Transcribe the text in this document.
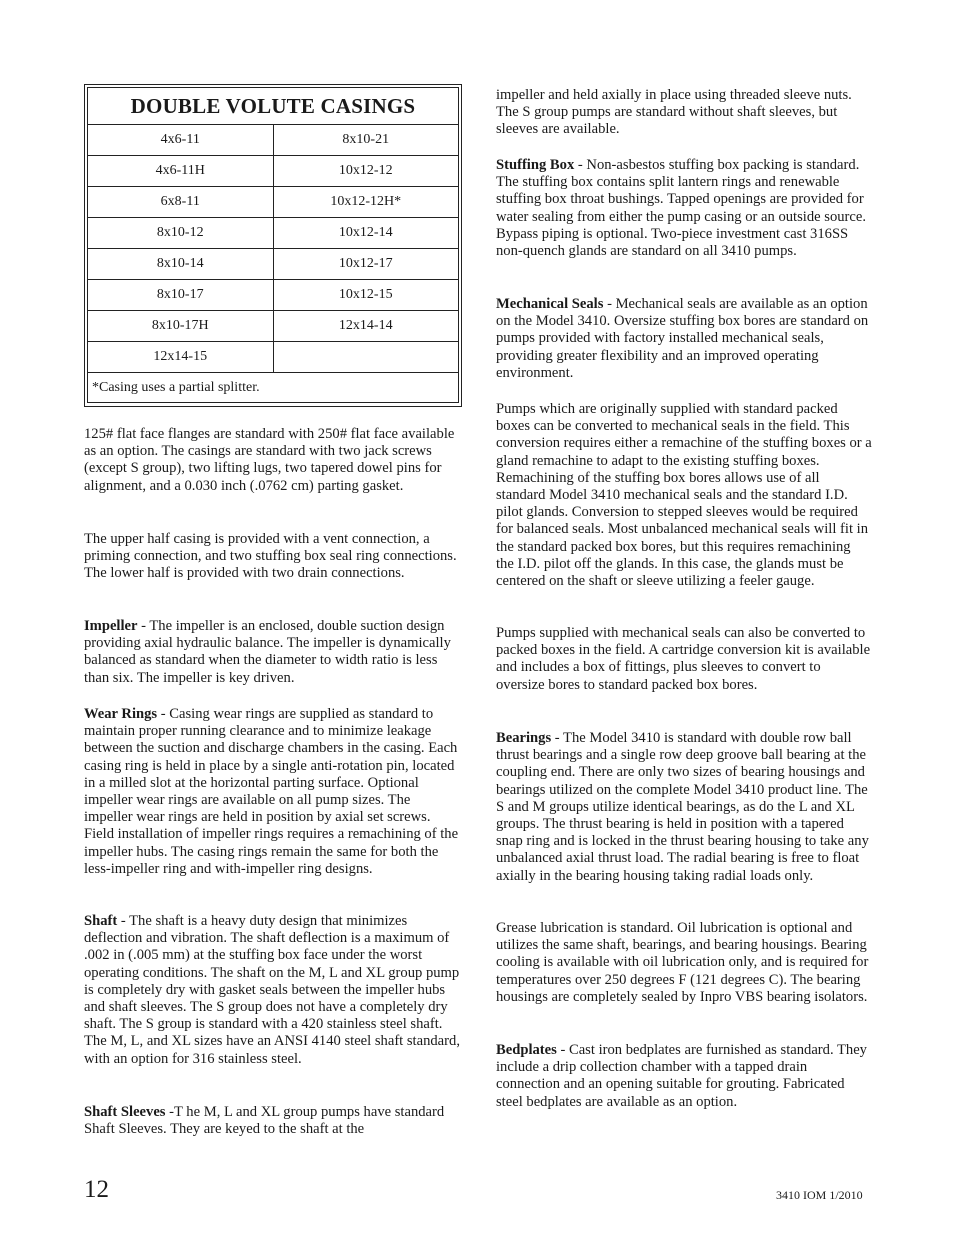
DOUBLE VOLUTE CASINGS	
4x6-11	8x10-21
4x6-11H	10x12-12
6x8-11	10x12-12H*
8x10-12	10x12-14
8x10-14	10x12-17
8x10-17	10x12-15
8x10-17H	12x14-14
12x14-15	
*Casing uses a partial splitter.	

125# flat face flanges are standard with 250# flat face available as an option. The casings are standard with two jack screws (except S group), two lifting lugs, two tapered dowel pins for alignment, and a 0.030 inch (.0762 cm) parting gasket.

The upper half casing is provided with a vent connection, a priming connection, and two stuffing box seal ring connections. The lower half is provided with two drain connections.

Impeller - The impeller is an enclosed, double suction design providing axial hydraulic balance. The impeller is dynamically balanced as standard when the diameter to width ratio is less than six. The impeller is key driven.

Wear Rings - Casing wear rings are supplied as standard to maintain proper running clearance and to minimize leakage between the suction and discharge chambers in the casing. Each casing ring is held in place by a single anti-rotation pin, located in a milled slot at the horizontal parting surface. Optional impeller wear rings are available on all pump sizes. The impeller wear rings are held in position by axial set screws. Field installation of impeller rings requires a remachining of the impeller hubs. The casing rings remain the same for both the less-impeller ring and with-impeller ring designs.

Shaft - The shaft is a heavy duty design that minimizes deflection and vibration. The shaft deflection is a maximum of .002 in (.005 mm) at the stuffing box face under the worst operating conditions. The shaft on the M, L and XL group pump is completely dry with gasket seals between the impeller hubs and shaft sleeves. The S group does not have a completely dry shaft. The S group is standard with a 420 stainless steel shaft. The M, L, and XL sizes have an ANSI 4140 steel shaft standard, with an option for 316 stainless steel.

Shaft Sleeves -T he M, L and XL group pumps have standard Shaft Sleeves. They are keyed to the shaft at the

impeller and held axially in place using threaded sleeve nuts. The S group pumps are standard without shaft sleeves, but sleeves are available.

Stuffing Box - Non-asbestos stuffing box packing is standard. The stuffing box contains split lantern rings and renewable stuffing box throat bushings. Tapped openings are provided for water sealing from either the pump casing or an outside source. Bypass piping is optional. Two-piece investment cast 316SS non-quench glands are standard on all 3410 pumps.

Mechanical Seals - Mechanical seals are available as an option on the Model 3410. Oversize stuffing box bores are standard on pumps provided with factory installed mechanical seals, providing greater flexibility and an improved operating environment.

Pumps which are originally supplied with standard packed boxes can be converted to mechanical seals in the field. This conversion requires either a remachine of the stuffing boxes or a gland remachine to adapt to the existing stuffing boxes. Remachining of the stuffing box bores allows use of all standard Model 3410 mechanical seals and the standard I.D. pilot glands. Conversion to stepped sleeves would be required for balanced seals. Most unbalanced mechanical seals will fit in the standard packed box bores, but this requires remachining the I.D. pilot off the glands. In this case, the glands must be centered on the shaft or sleeve utilizing a feeler gauge.

Pumps supplied with mechanical seals can also be converted to packed boxes in the field. A cartridge conversion kit is available and includes a box of fittings, plus sleeves to convert to oversize bores to standard packed box bores.

Bearings - The Model 3410 is standard with double row ball thrust bearings and a single row deep groove ball bearing at the coupling end. There are only two sizes of bearing housings and bearings utilized on the complete Model 3410 product line. The S and M groups utilize identical bearings, as do the L and XL groups. The thrust bearing is held in position with a tapered snap ring and is locked in the thrust bearing housing to take any unbalanced axial thrust load. The radial bearing is free to float axially in the bearing housing taking radial loads only.

Grease lubrication is standard. Oil lubrication is optional and utilizes the same shaft, bearings, and bearing housings. Bearing cooling is available with oil lubrication only, and is required for temperatures over 250 degrees F (121 degrees C). The bearing housings are completely sealed by Inpro VBS bearing isolators.

Bedplates - Cast iron bedplates are furnished as standard. They include a drip collection chamber with a tapped drain connection and an opening suitable for grouting. Fabricated steel bedplates are available as an option.

12	3410 IOM 1/2010
